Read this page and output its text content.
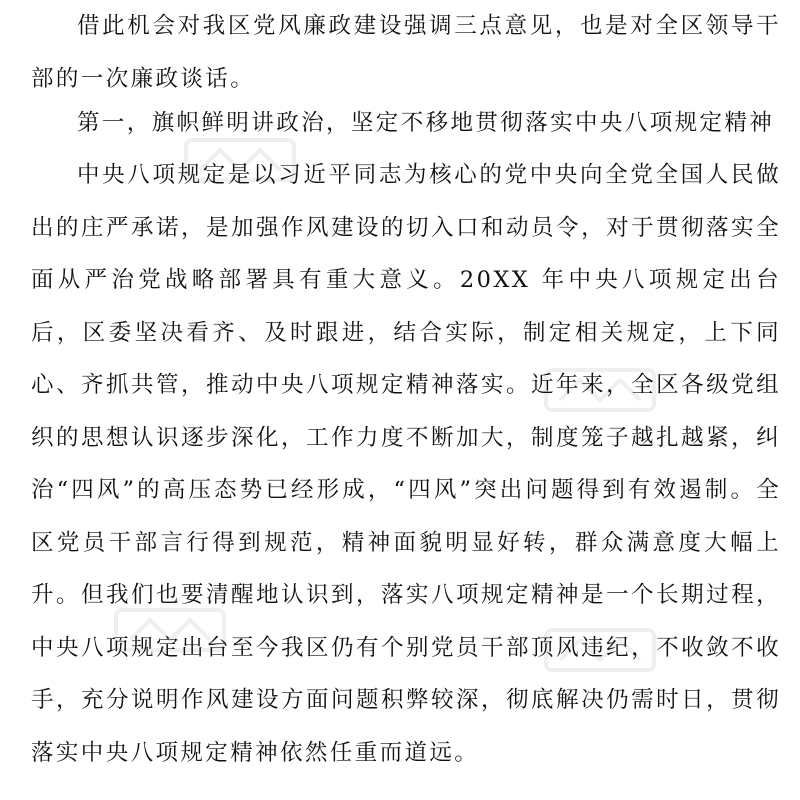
借此机会对我区党风廉政建设强调三点意见，也是对全区领导干部的一次廉政谈话。

第一，旗帜鲜明讲政治，坚定不移地贯彻落实中央八项规定精神

中央八项规定是以习近平同志为核心的党中央向全党全国人民做出的庄严承诺，是加强作风建设的切入口和动员令，对于贯彻落实全面从严治党战略部署具有重大意义。20XX 年中央八项规定出台后，区委坚决看齐、及时跟进，结合实际，制定相关规定，上下同心、齐抓共管，推动中央八项规定精神落实。近年来，全区各级党组织的思想认识逐步深化，工作力度不断加大，制度笼子越扎越紧，纠治“四风”的高压态势已经形成，“四风”突出问题得到有效遏制。全区党员干部言行得到规范，精神面貌明显好转，群众满意度大幅上升。但我们也要清醒地认识到，落实八项规定精神是一个长期过程，中央八项规定出台至今我区仍有个别党员干部顶风违纪，不收敛不收手，充分说明作风建设方面问题积弊较深，彻底解决仍需时日，贯彻落实中央八项规定精神依然任重而道远。
